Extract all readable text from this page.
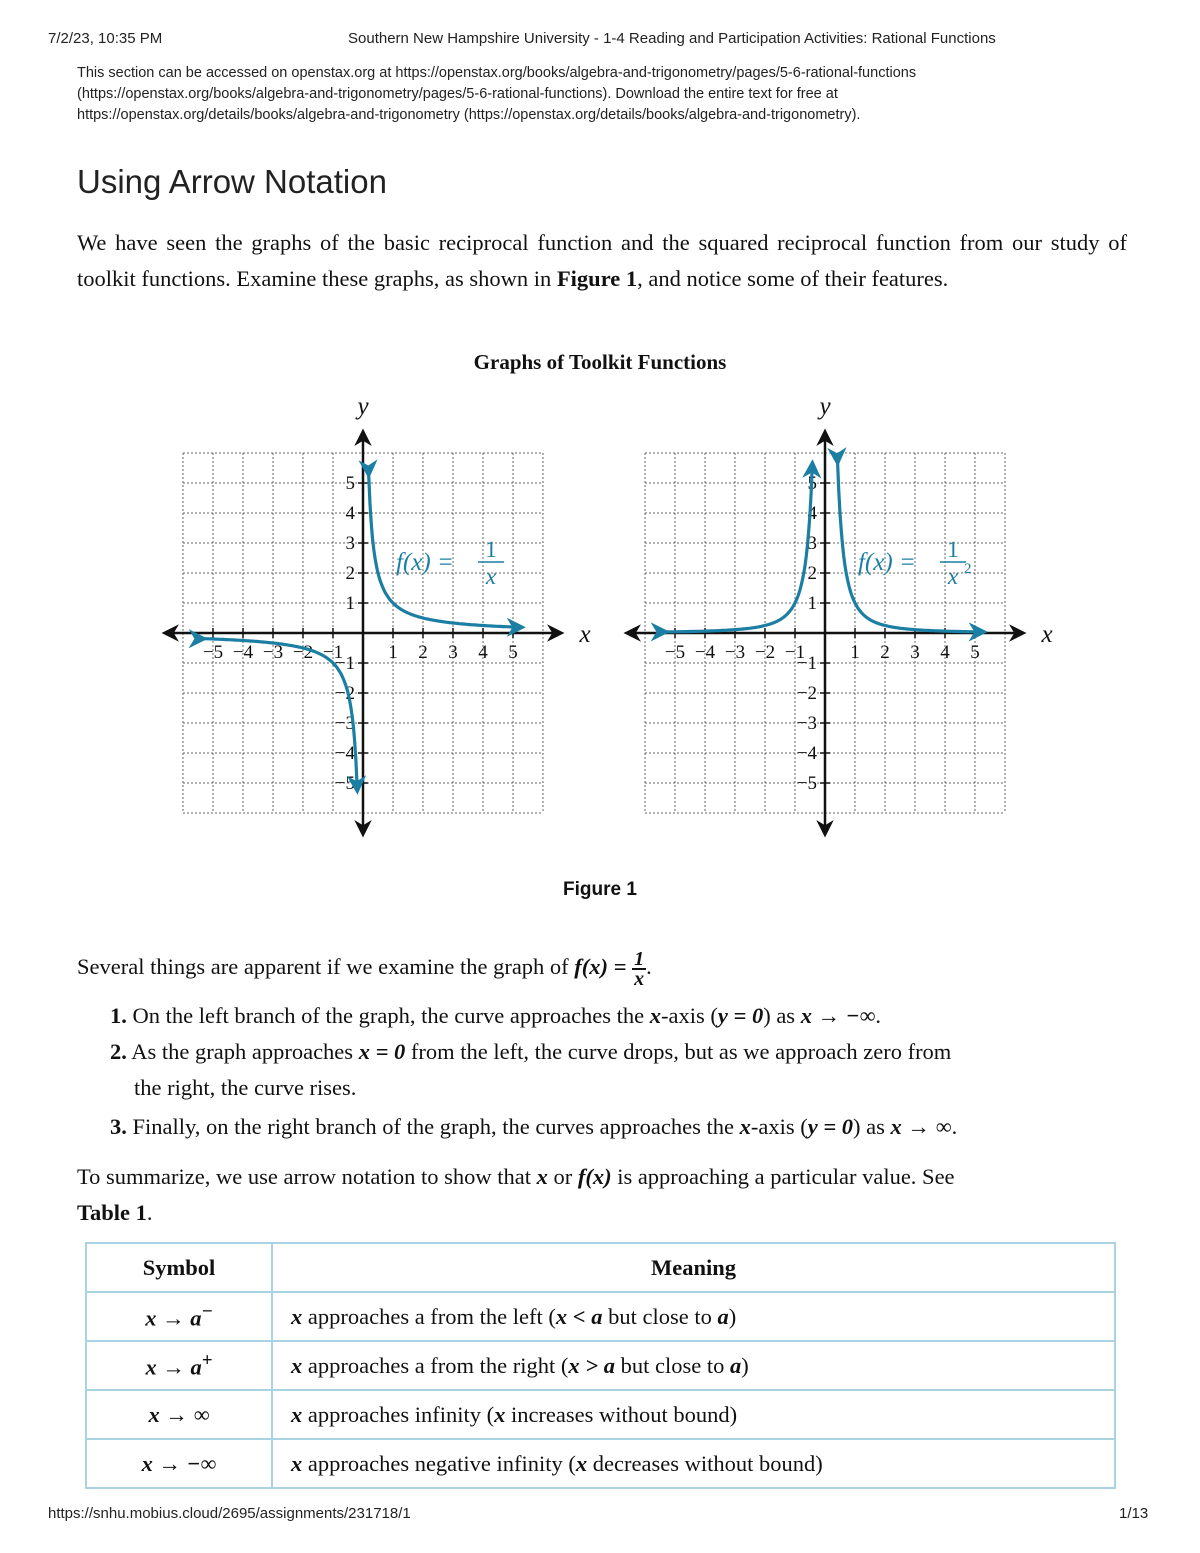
7/2/23, 10:35 PM	Southern New Hampshire University - 1-4 Reading and Participation Activities: Rational Functions

This section can be accessed on openstax.org at https://openstax.org/books/algebra-and-trigonometry/pages/5-6-rational-functions

(https://openstax.org/books/algebra-and-trigonometry/pages/5-6-rational-functions). Download the entire text for free at

https://openstax.org/details/books/algebra-and-trigonometry (https://openstax.org/details/books/algebra-and-trigonometry).

Using Arrow Notation
We have seen the graphs of the basic reciprocal function and the squared reciprocal function from our study of toolkit functions. Examine these graphs, as shown in Figure 1, and notice some of their features.
Graphs of Toolkit Functions
−5 −4 −3 −2 −1 1 2 3 4 5
1
−1
2
−2
3
−3
4
−4
5
−5
y
x
f(x) = 1
x
−5 −4 −3 −2 −1 1 2 3 4 5
1
−1
2
−2
3
−3
4
−4
5
−5
y
x
f(x) = 1
x 2
Figure 1
Several things are apparent if we examine the graph of $f(x) = \frac{1}{x}$ .
1. On the left branch of the graph, the curve approaches the x-axis (y = 0) as x → −∞.
2. As the graph approaches x = 0 from the left, the curve drops, but as we approach zero from
the right, the curve rises.
3. Finally, on the right branch of the graph, the curves approaches the x-axis (y = 0) as x → ∞.
To summarize, we use arrow notation to show that x or f(x) is approaching a particular value. See
Table 1.
Symbol	Meaning
x → a−	x approaches a from the left (x < a but close to a)
x → a+	x approaches a from the right (x > a but close to a)
x → ∞	x approaches infinity (x increases without bound)
x → −∞	x approaches negative infinity (x decreases without bound)
https://snhu.mobius.cloud/2695/assignments/231718/1	1/13
